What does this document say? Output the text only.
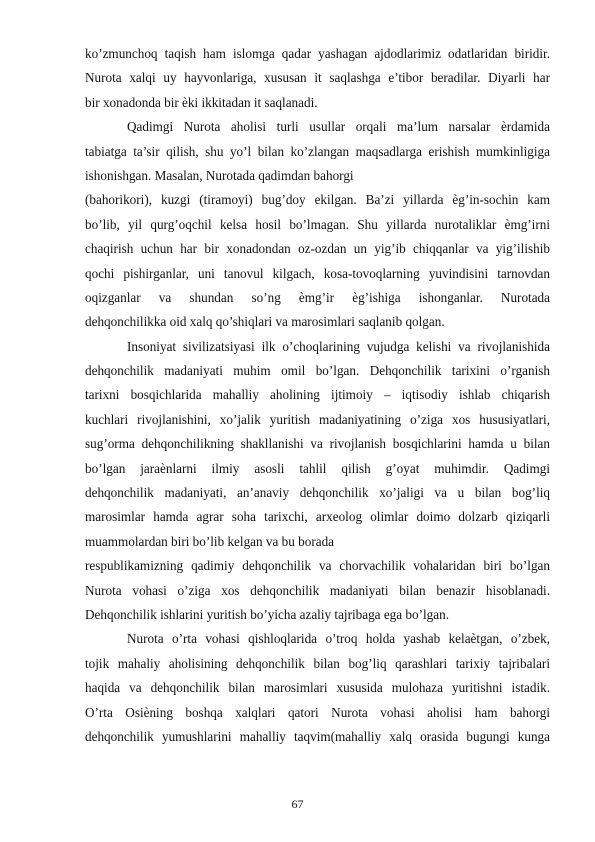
ko’zmunchoq taqish ham islomga qadar yashagan ajdodlarimiz odatlaridan biridir.
Nurota xalqi uy hayvonlariga, xususan it saqlashga e’tibor beradilar. Diyarli har
bir xonadonda bir ѐki ikkitadan it saqlanadi.
Qadimgi Nurota aholisi turli usullar orqali ma’lum narsalar ѐrdamida
tabiatga ta’sir qilish, shu yo’l bilan ko’zlangan maqsadlarga erishish mumkinligiga
ishonishgan. Masalan, Nurotada qadimdan bahorgi
(bahorikori), kuzgi (tiramoyi) bug’doy ekilgan. Ba’zi yillarda ѐg’in-sochin kam
bo’lib, yil qurg’oqchil kelsa hosil bo’lmagan. Shu yillarda nurotaliklar ѐmg’irni
chaqirish uchun har bir xonadondan oz-ozdan un yig’ib chiqqanlar va yig’ilishib
qochi pishirganlar, uni tanovul kilgach, kosa-tovoqlarning yuvindisini tarnovdan
oqizganlar va shundan so’ng ѐmg’ir ѐg’ishiga ishonganlar. Nurotada
dehqonchilikka oid xalq qo’shiqlari va marosimlari saqlanib qolgan.
Insoniyat sivilizatsiyasi ilk o’choqlarining vujudga kelishi va rivojlanishida
dehqonchilik madaniyati muhim omil bo’lgan. Dehqonchilik tarixini o’rganish
tarixni bosqichlarida mahalliy aholining ijtimoiy – iqtisodiy ishlab chiqarish
kuchlari rivojlanishini, xo’jalik yuritish madaniyatining o’ziga xos hususiyatlari,
sug’orma dehqonchilikning shakllanishi va rivojlanish bosqichlarini hamda u bilan
bo’lgan jaraѐnlarni ilmiy asosli tahlil qilish g’oyat muhimdir. Qadimgi
dehqonchilik madaniyati, an’anaviy dehqonchilik xo’jaligi va u bilan bog’liq
marosimlar hamda agrar soha tarixchi, arxeolog olimlar doimo dolzarb qiziqarli
muammolardan biri bo’lib kelgan va bu borada
respublikamizning qadimiy dehqonchilik va chorvachilik vohalaridan biri bo’lgan
Nurota vohasi o’ziga xos dehqonchilik madaniyati bilan benazir hisoblanadi.
Dehqonchilik ishlarini yuritish bo’yicha azaliy tajribaga ega bo’lgan.
Nurota o’rta vohasi qishloqlarida o’troq holda yashab kelaѐtgan, o’zbek,
tojik mahaliy aholisining dehqonchilik bilan bog’liq qarashlari tarixiy tajribalari
haqida va dehqonchilik bilan marosimlari xususida mulohaza yuritishni istadik.
O’rta Osiѐning boshqa xalqlari qatori Nurota vohasi aholisi ham bahorgi
dehqonchilik yumushlarini mahalliy taqvim(mahalliy xalq orasida bugungi kunga
67
